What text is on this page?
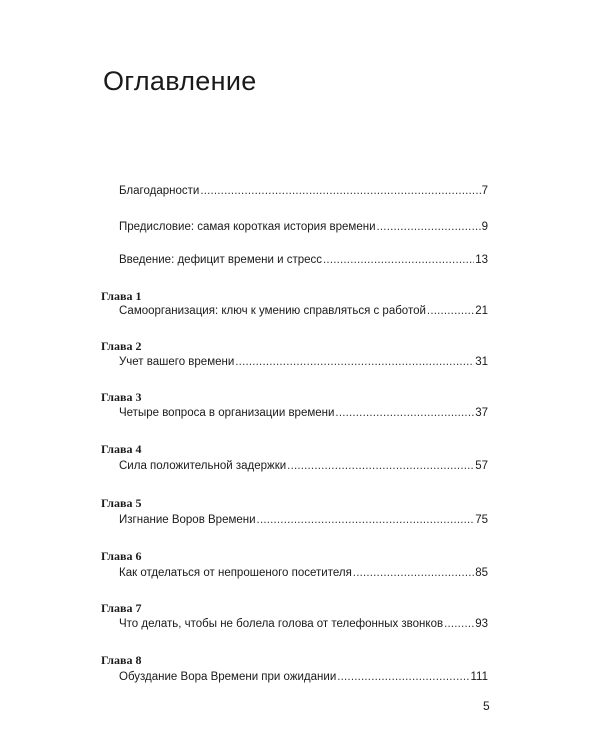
Оглавление
Благодарности .....	7
Предисловие: самая короткая история времени .....	9
Введение: дефицит времени и стресс .....	13
Глава 1
Самоорганизация: ключ к умению справляться с работой .....	21
Глава 2
Учет вашего времени .....	31
Глава 3
Четыре вопроса в организации времени .....	37
Глава 4
Сила положительной задержки .....	57
Глава 5
Изгнание Воров Времени .....	75
Глава 6
Как отделаться от непрошеного посетителя .....	85
Глава 7
Что делать, чтобы не болела голова от телефонных звонков .....	93
Глава 8
Обуздание Вора Времени при ожидании .....	111
5
